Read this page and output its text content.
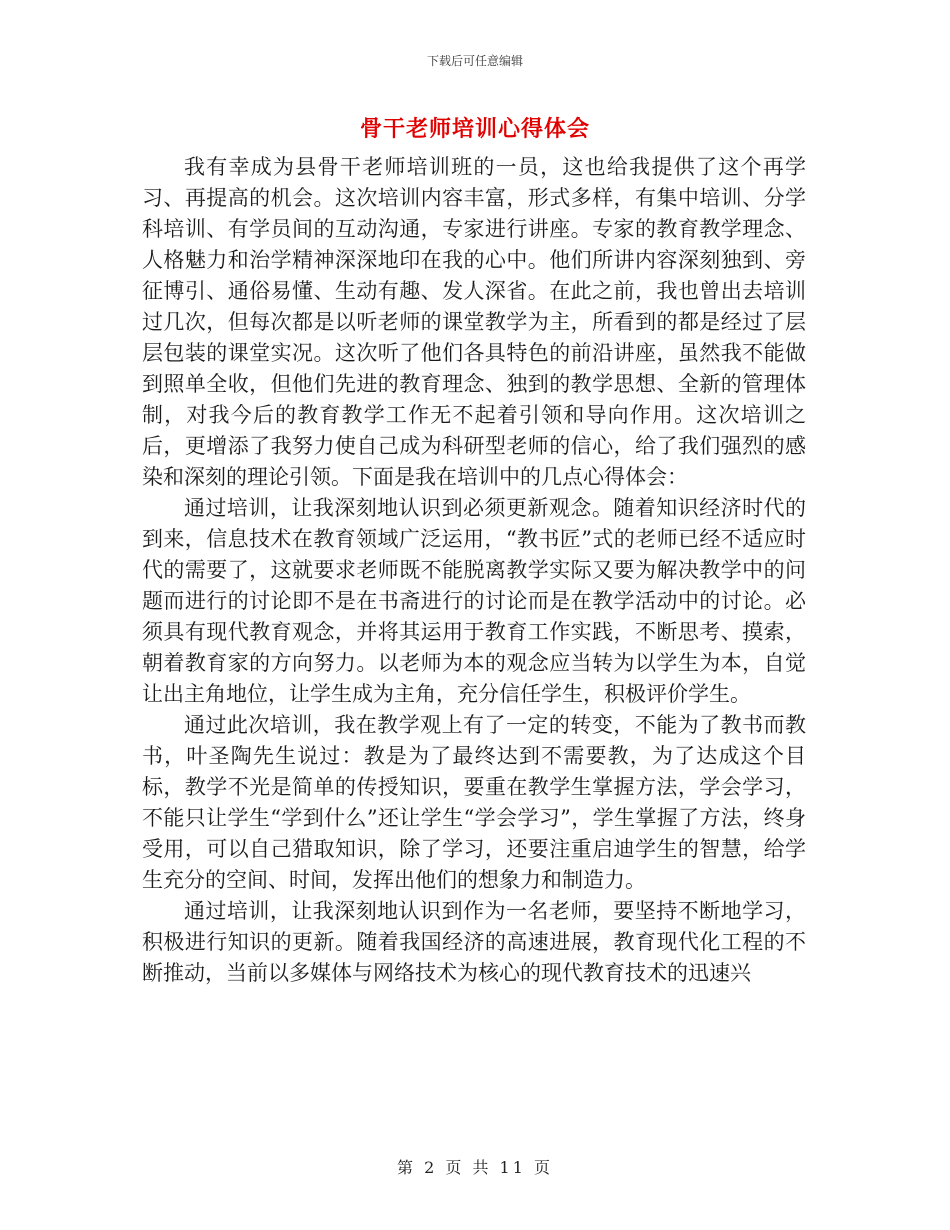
下载后可任意编辑
骨干老师培训心得体会

我有幸成为县骨干老师培训班的一员，这也给我提供了这个再学习、再提高的机会。这次培训内容丰富，形式多样，有集中培训、分学科培训、有学员间的互动沟通，专家进行讲座。专家的教育教学理念、人格魅力和治学精神深深地印在我的心中。他们所讲内容深刻独到、旁征博引、通俗易懂、生动有趣、发人深省。在此之前，我也曾出去培训过几次，但每次都是以听老师的课堂教学为主，所看到的都是经过了层层包装的课堂实况。这次听了他们各具特色的前沿讲座，虽然我不能做到照单全收，但他们先进的教育理念、独到的教学思想、全新的管理体制，对我今后的教育教学工作无不起着引领和导向作用。这次培训之后，更增添了我努力使自己成为科研型老师的信心，给了我们强烈的感染和深刻的理论引领。下面是我在培训中的几点心得体会：

通过培训，让我深刻地认识到必须更新观念。随着知识经济时代的到来，信息技术在教育领域广泛运用，“教书匠”式的老师已经不适应时代的需要了，这就要求老师既不能脱离教学实际又要为解决教学中的问题而进行的讨论即不是在书斋进行的讨论而是在教学活动中的讨论。必须具有现代教育观念，并将其运用于教育工作实践，不断思考、摸索，朝着教育家的方向努力。以老师为本的观念应当转为以学生为本，自觉让出主角地位，让学生成为主角，充分信任学生，积极评价学生。

通过此次培训，我在教学观上有了一定的转变，不能为了教书而教书，叶圣陶先生说过：教是为了最终达到不需要教，为了达成这个目标，教学不光是简单的传授知识，要重在教学生掌握方法，学会学习，不能只让学生“学到什么”还让学生“学会学习”，学生掌握了方法，终身受用，可以自己猎取知识，除了学习，还要注重启迪学生的智慧，给学生充分的空间、时间，发挥出他们的想象力和制造力。

通过培训，让我深刻地认识到作为一名老师，要坚持不断地学习，积极进行知识的更新。随着我国经济的高速进展，教育现代化工程的不断推动，当前以多媒体与网络技术为核心的现代教育技术的迅速兴

第 2 页 共 11 页
